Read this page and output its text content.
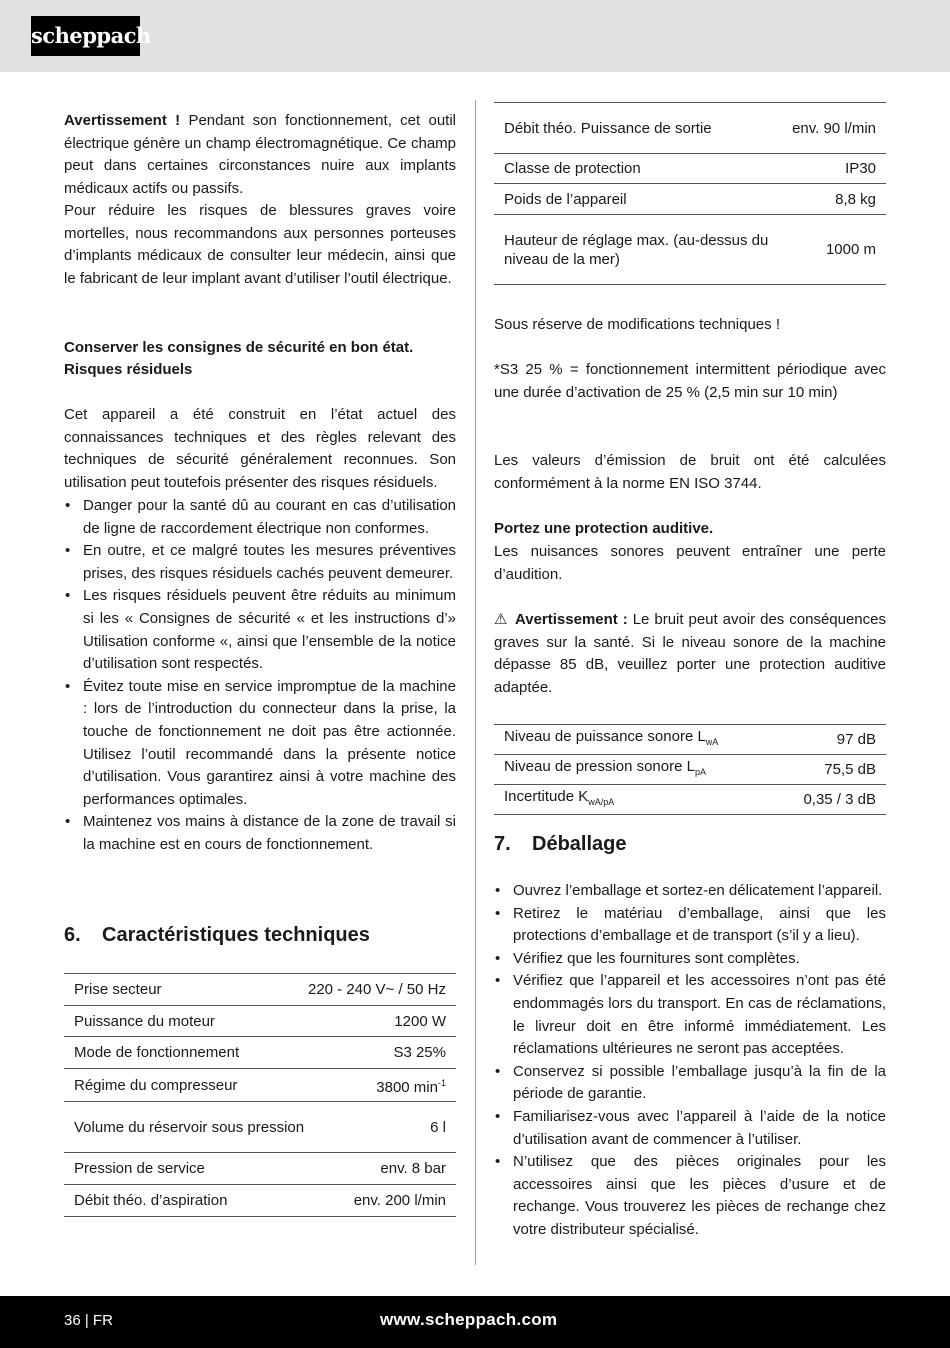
scheppach

Avertissement ! Pendant son fonctionnement, cet outil électrique génère un champ électromagnétique. Ce champ peut dans certaines circonstances nuire aux implants médicaux actifs ou passifs.

Pour réduire les risques de blessures graves voire mortelles, nous recommandons aux personnes porteuses d’implants médicaux de consulter leur médecin, ainsi que le fabricant de leur implant avant d’utiliser l’outil électrique.

Conserver les consignes de sécurité en bon état.

Risques résiduels

Cet appareil a été construit en l’état actuel des connaissances techniques et des règles relevant des techniques de sécurité généralement reconnues. Son utilisation peut toutefois présenter des risques résiduels.

• Danger pour la santé dû au courant en cas d’utilisation de ligne de raccordement électrique non conformes.
• En outre, et ce malgré toutes les mesures préventives prises, des risques résiduels cachés peuvent demeurer.
• Les risques résiduels peuvent être réduits au minimum si les « Consignes de sécurité « et les instructions d’» Utilisation conforme «, ainsi que l’ensemble de la notice d’utilisation sont respectés.
• Évitez toute mise en service impromptue de la machine : lors de l’introduction du connecteur dans la prise, la touche de fonctionnement ne doit pas être actionnée. Utilisez l’outil recommandé dans la présente notice d’utilisation. Vous garantirez ainsi à votre machine des performances optimales.
• Maintenez vos mains à distance de la zone de travail si la machine est en cours de fonctionnement.
6. Caractéristiques techniques
Prise secteur	220 - 240 V~ / 50 Hz
Puissance du moteur	1200 W
Mode de fonctionnement	S3 25%
Régime du compresseur	3800 $\min^{-1}$
Volume du réservoir sous pression	6 l
Pression de service	env. 8 bar
Débit théo. d’aspiration	env. 200 l/min
Débit théo. Puissance de sortie	env. 90 l/min
Classe de protection	IP30
Poids de l’appareil	8,8 kg
Hauteur de réglage max. (au-dessus du niveau de la mer)
1000 m

Sous réserve de modifications techniques !

*S3 25 % = fonctionnement intermittent périodique avec une durée d’activation de 25 % (2,5 min sur 10 min)

Les valeurs d’émission de bruit ont été calculées conformément à la norme EN ISO 3744.

Portez une protection auditive.

Les nuisances sonores peuvent entraîner une perte d’audition.

⚠ Avertissement : Le bruit peut avoir des conséquences graves sur la santé. Si le niveau sonore de la machine dépasse 85 dB, veuillez porter une protection auditive adaptée.

Niveau de puissance sonore $L_{wA}$	97 dB
Niveau de pression sonore $L_{pA}$	75,5 dB
Incertitude $K_{wA/pA}$	0,35 / 3 dB
7. Déballage
• Ouvrez l’emballage et sortez-en délicatement l’appareil.
• Retirez le matériau d’emballage, ainsi que les protections d’emballage et de transport (s’il y a lieu).
• Vérifiez que les fournitures sont complètes.
• Vérifiez que l’appareil et les accessoires n’ont pas été endommagés lors du transport. En cas de réclamations, le livreur doit en être informé immédiatement. Les réclamations ultérieures ne seront pas acceptées.
• Conservez si possible l’emballage jusqu’à la fin de la période de garantie.
• Familiarisez-vous avec l’appareil à l’aide de la notice d’utilisation avant de commencer à l’utiliser.
• N’utilisez que des pièces originales pour les accessoires ainsi que les pièces d’usure et de rechange. Vous trouverez les pièces de rechange chez votre distributeur spécialisé.
36 | FR	www.scheppach.com
